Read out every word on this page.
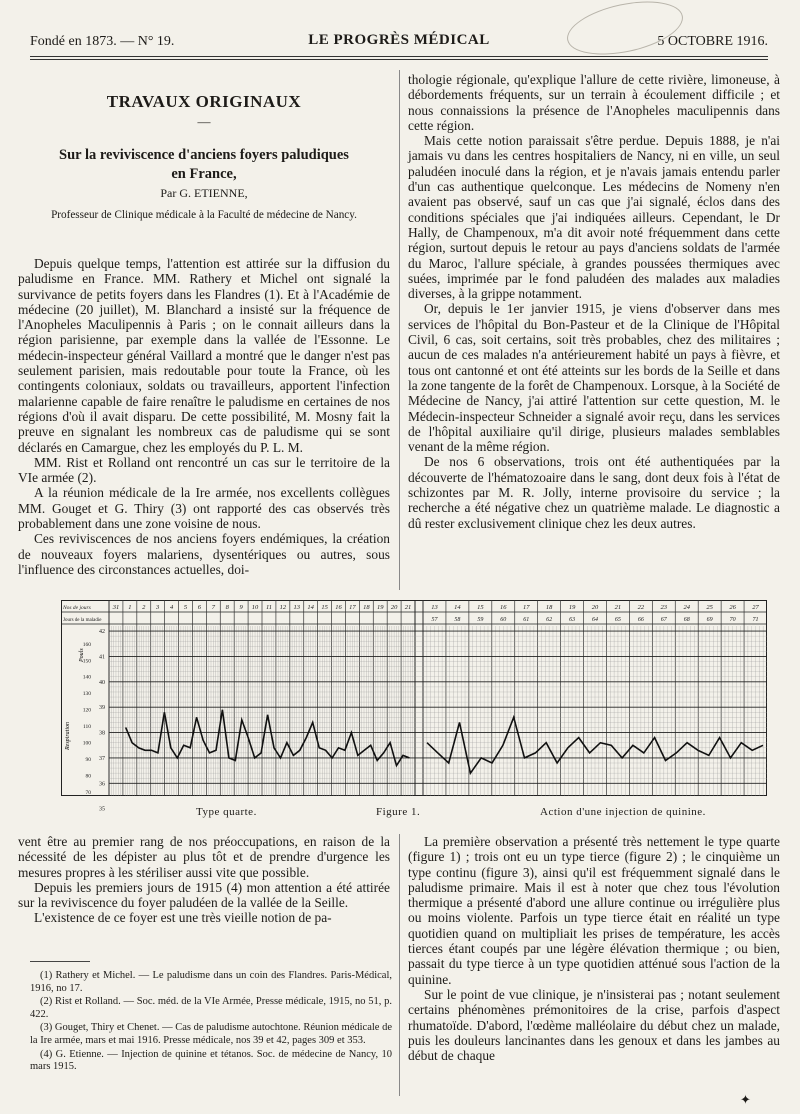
Fondé en 1873. — N° 19.	LE PROGRÈS MÉDICAL	5 OCTOBRE 1916.
TRAVAUX ORIGINAUX
—
Sur la reviviscence d'anciens foyers paludiques
en France,
Par G. ETIENNE,
Professeur de Clinique médicale à la Faculté de médecine de Nancy.

Depuis quelque temps, l'attention est attirée sur la diffusion du paludisme en France. MM. Rathery et Michel ont signalé la survivance de petits foyers dans les Flandres (1). Et à l'Académie de médecine (20 juillet), M. Blanchard a insisté sur la fréquence de l'Anopheles Maculipennis à Paris ; on le connait ailleurs dans la région parisienne, par exemple dans la vallée de l'Essonne. Le médecin-inspecteur général Vaillard a montré que le danger n'est pas seulement parisien, mais redoutable pour toute la France, où les contingents coloniaux, soldats ou travailleurs, apportent l'infection malarienne capable de faire renaître le paludisme en certaines de nos régions d'où il avait disparu. De cette possibilité, M. Mosny fait la preuve en signalant les nombreux cas de paludisme qui se sont déclarés en Camargue, chez les employés du P. L. M.

MM. Rist et Rolland ont rencontré un cas sur le territoire de la VIe armée (2).

A la réunion médicale de la Ire armée, nos excellents collègues MM. Gouget et G. Thiry (3) ont rapporté des cas observés très probablement dans une zone voisine de nous.

Ces reviviscences de nos anciens foyers endémiques, la création de nouveaux foyers malariens, dysentériques ou autres, sous l'influence des circonstances actuelles, doi-

thologie régionale, qu'explique l'allure de cette rivière, limoneuse, à débordements fréquents, sur un terrain à écoulement difficile ; et nous connaissions la présence de l'Anopheles maculipennis dans cette région.

Mais cette notion paraissait s'être perdue. Depuis 1888, je n'ai jamais vu dans les centres hospitaliers de Nancy, ni en ville, un seul paludéen inoculé dans la région, et je n'avais jamais entendu parler d'un cas authentique quelconque. Les médecins de Nomeny n'en avaient pas observé, sauf un cas que j'ai signalé, éclos dans des conditions spéciales que j'ai indiquées ailleurs. Cependant, le Dr Hally, de Champenoux, m'a dit avoir noté fréquemment dans cette région, surtout depuis le retour au pays d'anciens soldats de l'armée du Maroc, l'allure spéciale, à grandes poussées thermiques avec suées, imprimée par le fond paludéen des malades aux maladies diverses, à la grippe notamment.

Or, depuis le 1er janvier 1915, je viens d'observer dans mes services de l'hôpital du Bon-Pasteur et de la Clinique de l'Hôpital Civil, 6 cas, soit certains, soit très probables, chez des militaires ; aucun de ces malades n'a antérieurement habité un pays à fièvre, et tous ont cantonné et ont été atteints sur les bords de la Seille et dans la zone tangente de la forêt de Champenoux. Lorsque, à la Société de Médecine de Nancy, j'ai attiré l'attention sur cette question, M. le Médecin-inspecteur Schneider a signalé avoir reçu, dans les services de l'hôpital auxiliaire qu'il dirige, plusieurs malades semblables venant de la même région.

De nos 6 observations, trois ont été authentiquées par la découverte de l'hématozoaire dans le sang, dont deux fois à l'état de schizontes par M. R. Jolly, interne provisoire du service ; la recherche a été négative chez un quatrième malade. Le diagnostic a dû rester exclusivement clinique chez les deux autres.

Nos de jours
Jours de la maladie
31 1 2 3 4 5 6 7 8 9 10 11 12 13 14 15 16 17 18 19 20 21	13
57
14
58
15
59
16
60
17
61
18
62
19
63
20
64
21
65
22
66
23
67
24
68
25
69
26
70
27
71
41
40
39
38
37
36
35
42
160
150
140
130
120
110
100
90
80
70
Respiration
Pouls
Type quarte.	Figure 1.	Action d'une injection de quinine.

vent être au premier rang de nos préoccupations, en raison de la nécessité de les dépister au plus tôt et de prendre d'urgence les mesures propres à les stériliser aussi vite que possible.

Depuis les premiers jours de 1915 (4) mon attention a été attirée sur la reviviscence du foyer paludéen de la vallée de la Seille.

L'existence de ce foyer est une très vieille notion de pa-

(1) Rathery et Michel. — Le paludisme dans un coin des Flandres. Paris-Médical, 1916, no 17.

(2) Rist et Rolland. — Soc. méd. de la VIe Armée, Presse médicale, 1915, no 51, p. 422.

(3) Gouget, Thiry et Chenet. — Cas de paludisme autochtone. Réunion médicale de la Ire armée, mars et mai 1916. Presse médicale, nos 39 et 42, pages 309 et 353.

(4) G. Etienne. — Injection de quinine et tétanos. Soc. de médecine de Nancy, 10 mars 1915.

La première observation a présenté très nettement le type quarte (figure 1) ; trois ont eu un type tierce (figure 2) ; le cinquième un type continu (figure 3), ainsi qu'il est fréquemment signalé dans le paludisme primaire. Mais il est à noter que chez tous l'évolution thermique a présenté d'abord une allure continue ou irrégulière plus ou moins violente. Parfois un type tierce était en réalité un type quotidien quand on multipliait les prises de température, les accès tierces étant coupés par une légère élévation thermique ; ou bien, passait du type tierce à un type quotidien atténué sous l'action de la quinine.

Sur le point de vue clinique, je n'insisterai pas ; notant seulement certains phénomènes prémonitoires de la crise, parfois d'aspect rhumatoïde. D'abord, l'œdème malléolaire du début chez un malade, puis les douleurs lancinantes dans les genoux et dans les jambes au début de chaque

✦
